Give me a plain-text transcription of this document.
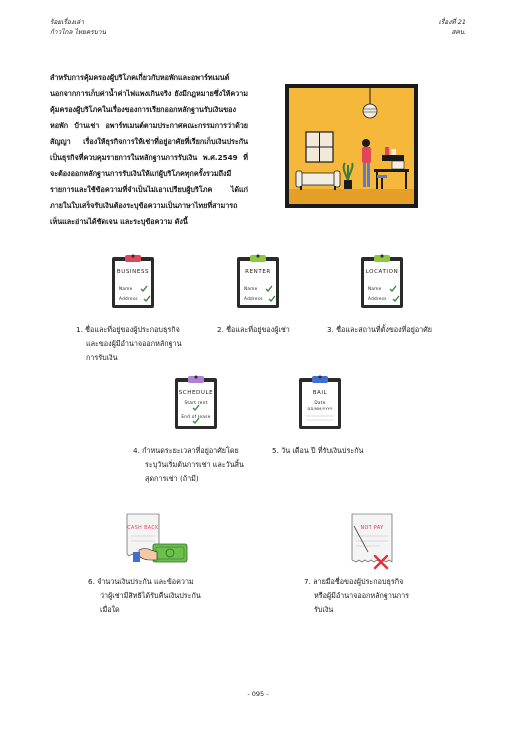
ร้อยเรื่องเล่า
ก้าวไกล ไทยครบาน
เรื่องที่ 21
สคบ.

สำหรับการคุ้มครองผู้บริโภคเกี่ยวกับหอพักและอพาร์ทเมนต์นอกจากการเก็บค่าน้ำค่าไฟแพงเกินจริง ยังมีกฎหมายซึ่งให้ความคุ้มครองผู้บริโภคในเรื่องของการเรียกออกหลักฐานรับเงินของหอพัก บ้านเช่า อพาร์ทเมนต์ตามประกาศคณะกรรมการว่าด้วยสัญญา เรื่องให้ธุรกิจการให้เช่าที่อยู่อาศัยที่เรียกเก็บเงินประกันเป็นธุรกิจที่ควบคุมรายการในหลักฐานการรับเงิน พ.ศ.2549 ที่จะต้องออกหลักฐานการรับเงินให้แก่ผู้บริโภคทุกครั้งรวมถึงมีรายการและใช้ข้อความที่จำเป็นไม่เอาเปรียบผู้บริโภค ได้แก่ ภายในใบเสร็จรับเงินต้องระบุข้อความเป็นภาษาไทยที่สามารถเห็นและอ่านได้ชัดเจน และระบุข้อความ ดังนี้

BUSINESS
Name
Address
RENTER
Name
Address
LOCATION
Name
Address
1. ชื่อและที่อยู่ของผู้ประกอบธุรกิจ
และของผู้มีอำนาจออกหลักฐาน
การรับเงิน
2. ชื่อและที่อยู่ของผู้เช่า	3. ชื่อและสถานที่ตั้งของที่อยู่อาศัย
SCHEDULE
Start rent
End of lease
BAIL
Date
DD/MM/YYYY
4. กำหนดระยะเวลาที่อยู่อาศัยโดย
ระบุวันเริ่มต้นการเช่า และวันสิ้น
สุดการเช่า (ถ้ามี)
5. วัน เดือน ปี ที่รับเงินประกัน
CASH BACK	NOT PAY
6. จำนวนเงินประกัน และข้อความ
ว่าผู้เช่ามีสิทธิได้รับคืนเงินประกัน
เมื่อใด
7. ลายมือชื่อของผู้ประกอบธุรกิจ
หรือผู้มีอำนาจออกหลักฐานการ
รับเงิน
- 095 -
